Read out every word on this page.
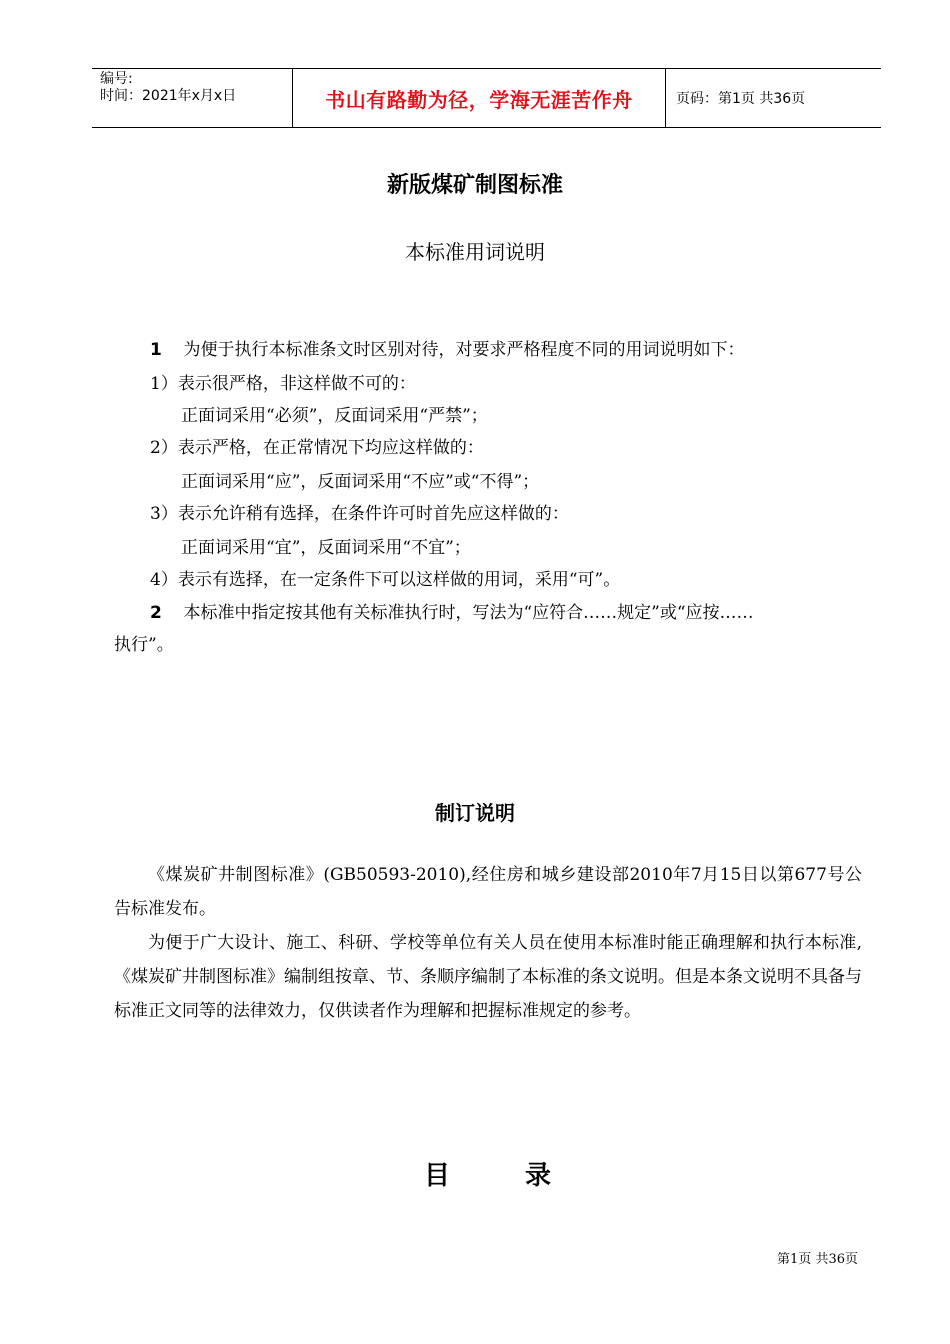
编号:
时间：2021年x月x日	书山有路勤为径，学海无涯苦作舟	页码：第1页 共36页
新版煤矿制图标准
本标准用词说明
1 为便于执行本标准条文时区别对待，对要求严格程度不同的用词说明如下：
1）表示很严格，非这样做不可的：
正面词采用“必须”，反面词采用“严禁”；
2）表示严格，在正常情况下均应这样做的：
正面词采用“应”，反面词采用“不应”或“不得”；
3）表示允许稍有选择，在条件许可时首先应这样做的：
正面词采用“宜”，反面词采用“不宜”；
4）表示有选择，在一定条件下可以这样做的用词，采用“可”。
2 本标准中指定按其他有关标准执行时，写法为“应符合……规定”或“应按……
执行”。
制订说明
《煤炭矿井制图标准》(GB50593-2010),经住房和城乡建设部2010年7月15日以第677号公告标准发布。
为便于广大设计、施工、科研、学校等单位有关人员在使用本标准时能正确理解和执行本标准,《煤炭矿井制图标准》编制组按章、节、条顺序编制了本标准的条文说明。但是本条文说明不具备与标准正文同等的法律效力，仅供读者作为理解和把握标准规定的参考。
目	录
第1页 共36页
